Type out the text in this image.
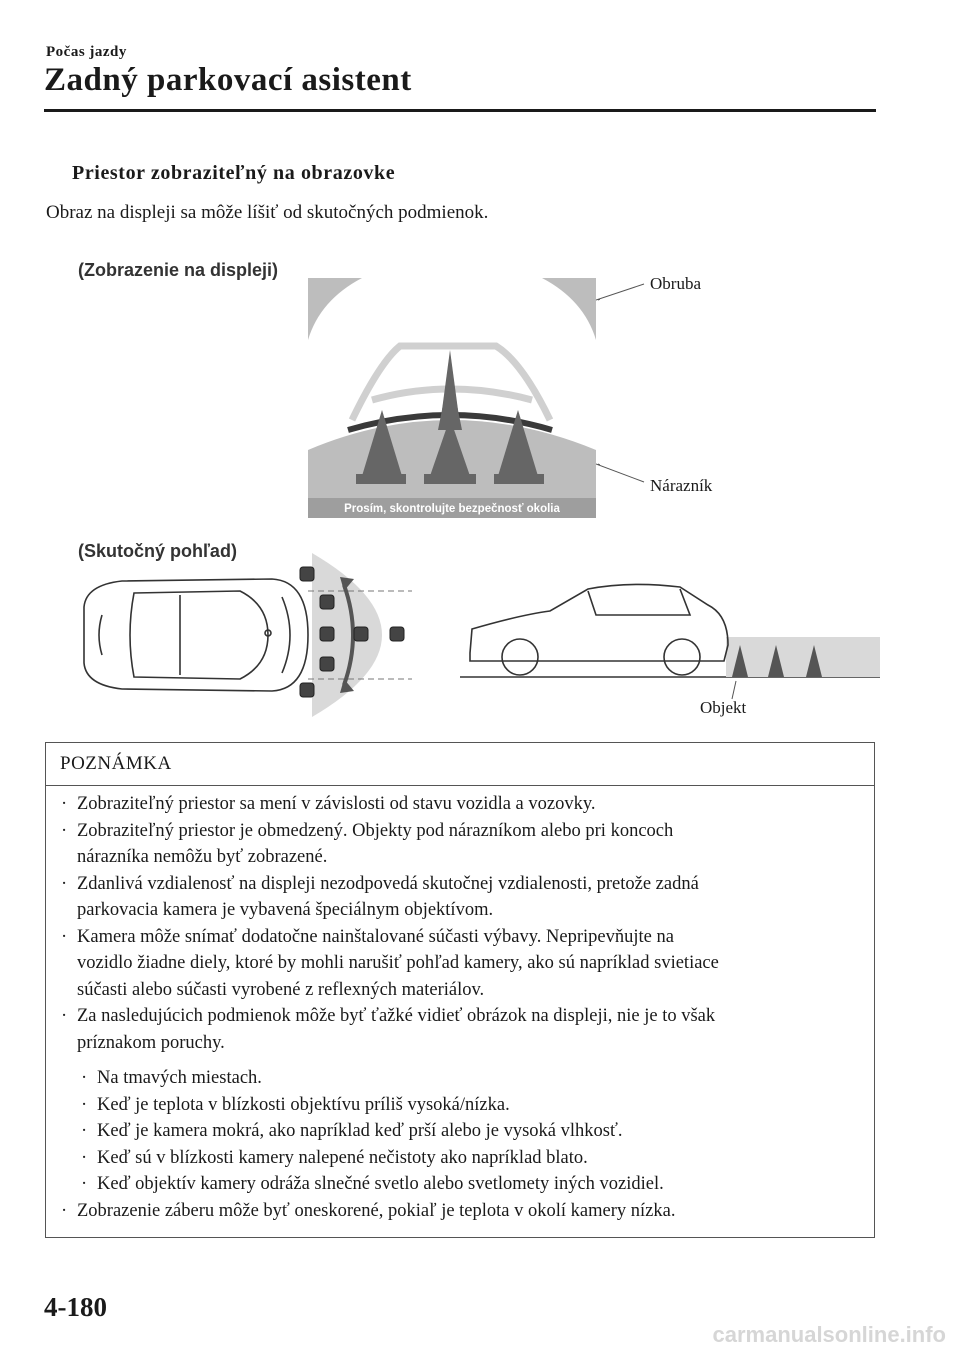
Počas jazdy
Zadný parkovací asistent
Priestor zobraziteľný na obrazovke
Obraz na displeji sa môže líšiť od skutočných podmienok.
(Zobrazenie na displeji)
Prosím, skontrolujte bezpečnosť okolia
Obruba
Nárazník
(Skutočný pohľad)
Objekt
POZNÁMKA
· Zobraziteľný priestor sa mení v závislosti od stavu vozidla a vozovky.
· Zobraziteľný priestor je obmedzený. Objekty pod nárazníkom alebo pri koncoch
nárazníka nemôžu byť zobrazené.
· Zdanlivá vzdialenosť na displeji nezodpovedá skutočnej vzdialenosti, pretože zadná
parkovacia kamera je vybavená špeciálnym objektívom.
· Kamera môže snímať dodatočne nainštalované súčasti výbavy. Nepripevňujte na
vozidlo žiadne diely, ktoré by mohli narušiť pohľad kamery, ako sú napríklad svietiace
súčasti alebo súčasti vyrobené z reflexných materiálov.
· Za nasledujúcich podmienok môže byť ťažké vidieť obrázok na displeji, nie je to však
príznakom poruchy.
· Na tmavých miestach.
· Keď je teplota v blízkosti objektívu príliš vysoká/nízka.
· Keď je kamera mokrá, ako napríklad keď prší alebo je vysoká vlhkosť.
· Keď sú v blízkosti kamery nalepené nečistoty ako napríklad blato.
· Keď objektív kamery odráža slnečné svetlo alebo svetlomety iných vozidiel.
· Zobrazenie záberu môže byť oneskorené, pokiaľ je teplota v okolí kamery nízka.
4-180
carmanualsonline.info
